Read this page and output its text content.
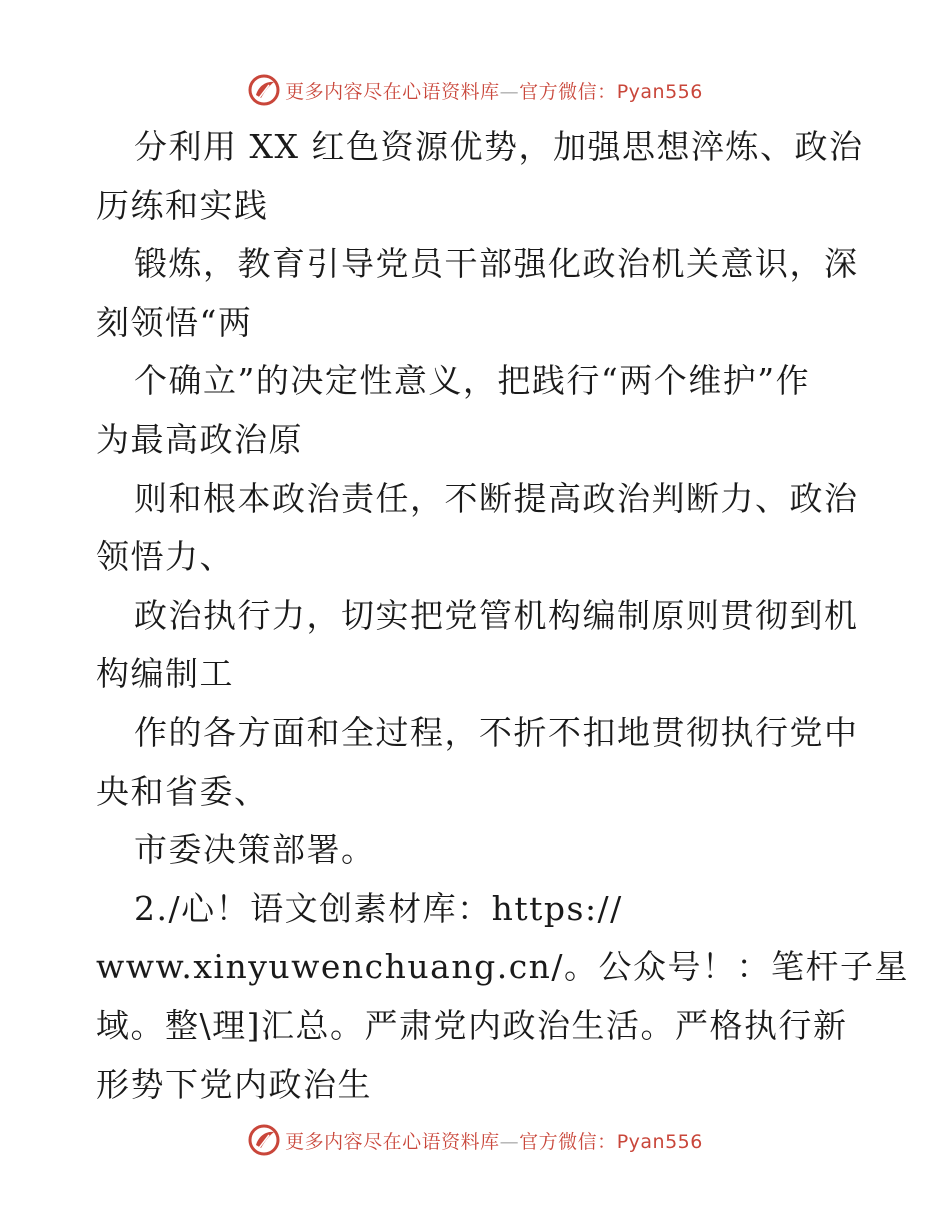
更多内容尽在心语资料库—官方微信：Pyan556
分利用 XX 红色资源优势，加强思想淬炼、政治
历练和实践
锻炼，教育引导党员干部强化政治机关意识，深
刻领悟“两
个确立”的决定性意义，把践行“两个维护”作
为最高政治原
则和根本政治责任，不断提高政治判断力、政治
领悟力、
政治执行力，切实把党管机构编制原则贯彻到机
构编制工
作的各方面和全过程，不折不扣地贯彻执行党中
央和省委、
市委决策部署。
2./心！语文创素材库：https://
www.xinyuwenchuang.cn/。公众号！：笔杆子星
域。整\理]汇总。严肃党内政治生活。严格执行新
形势下党内政治生
更多内容尽在心语资料库—官方微信：Pyan556
